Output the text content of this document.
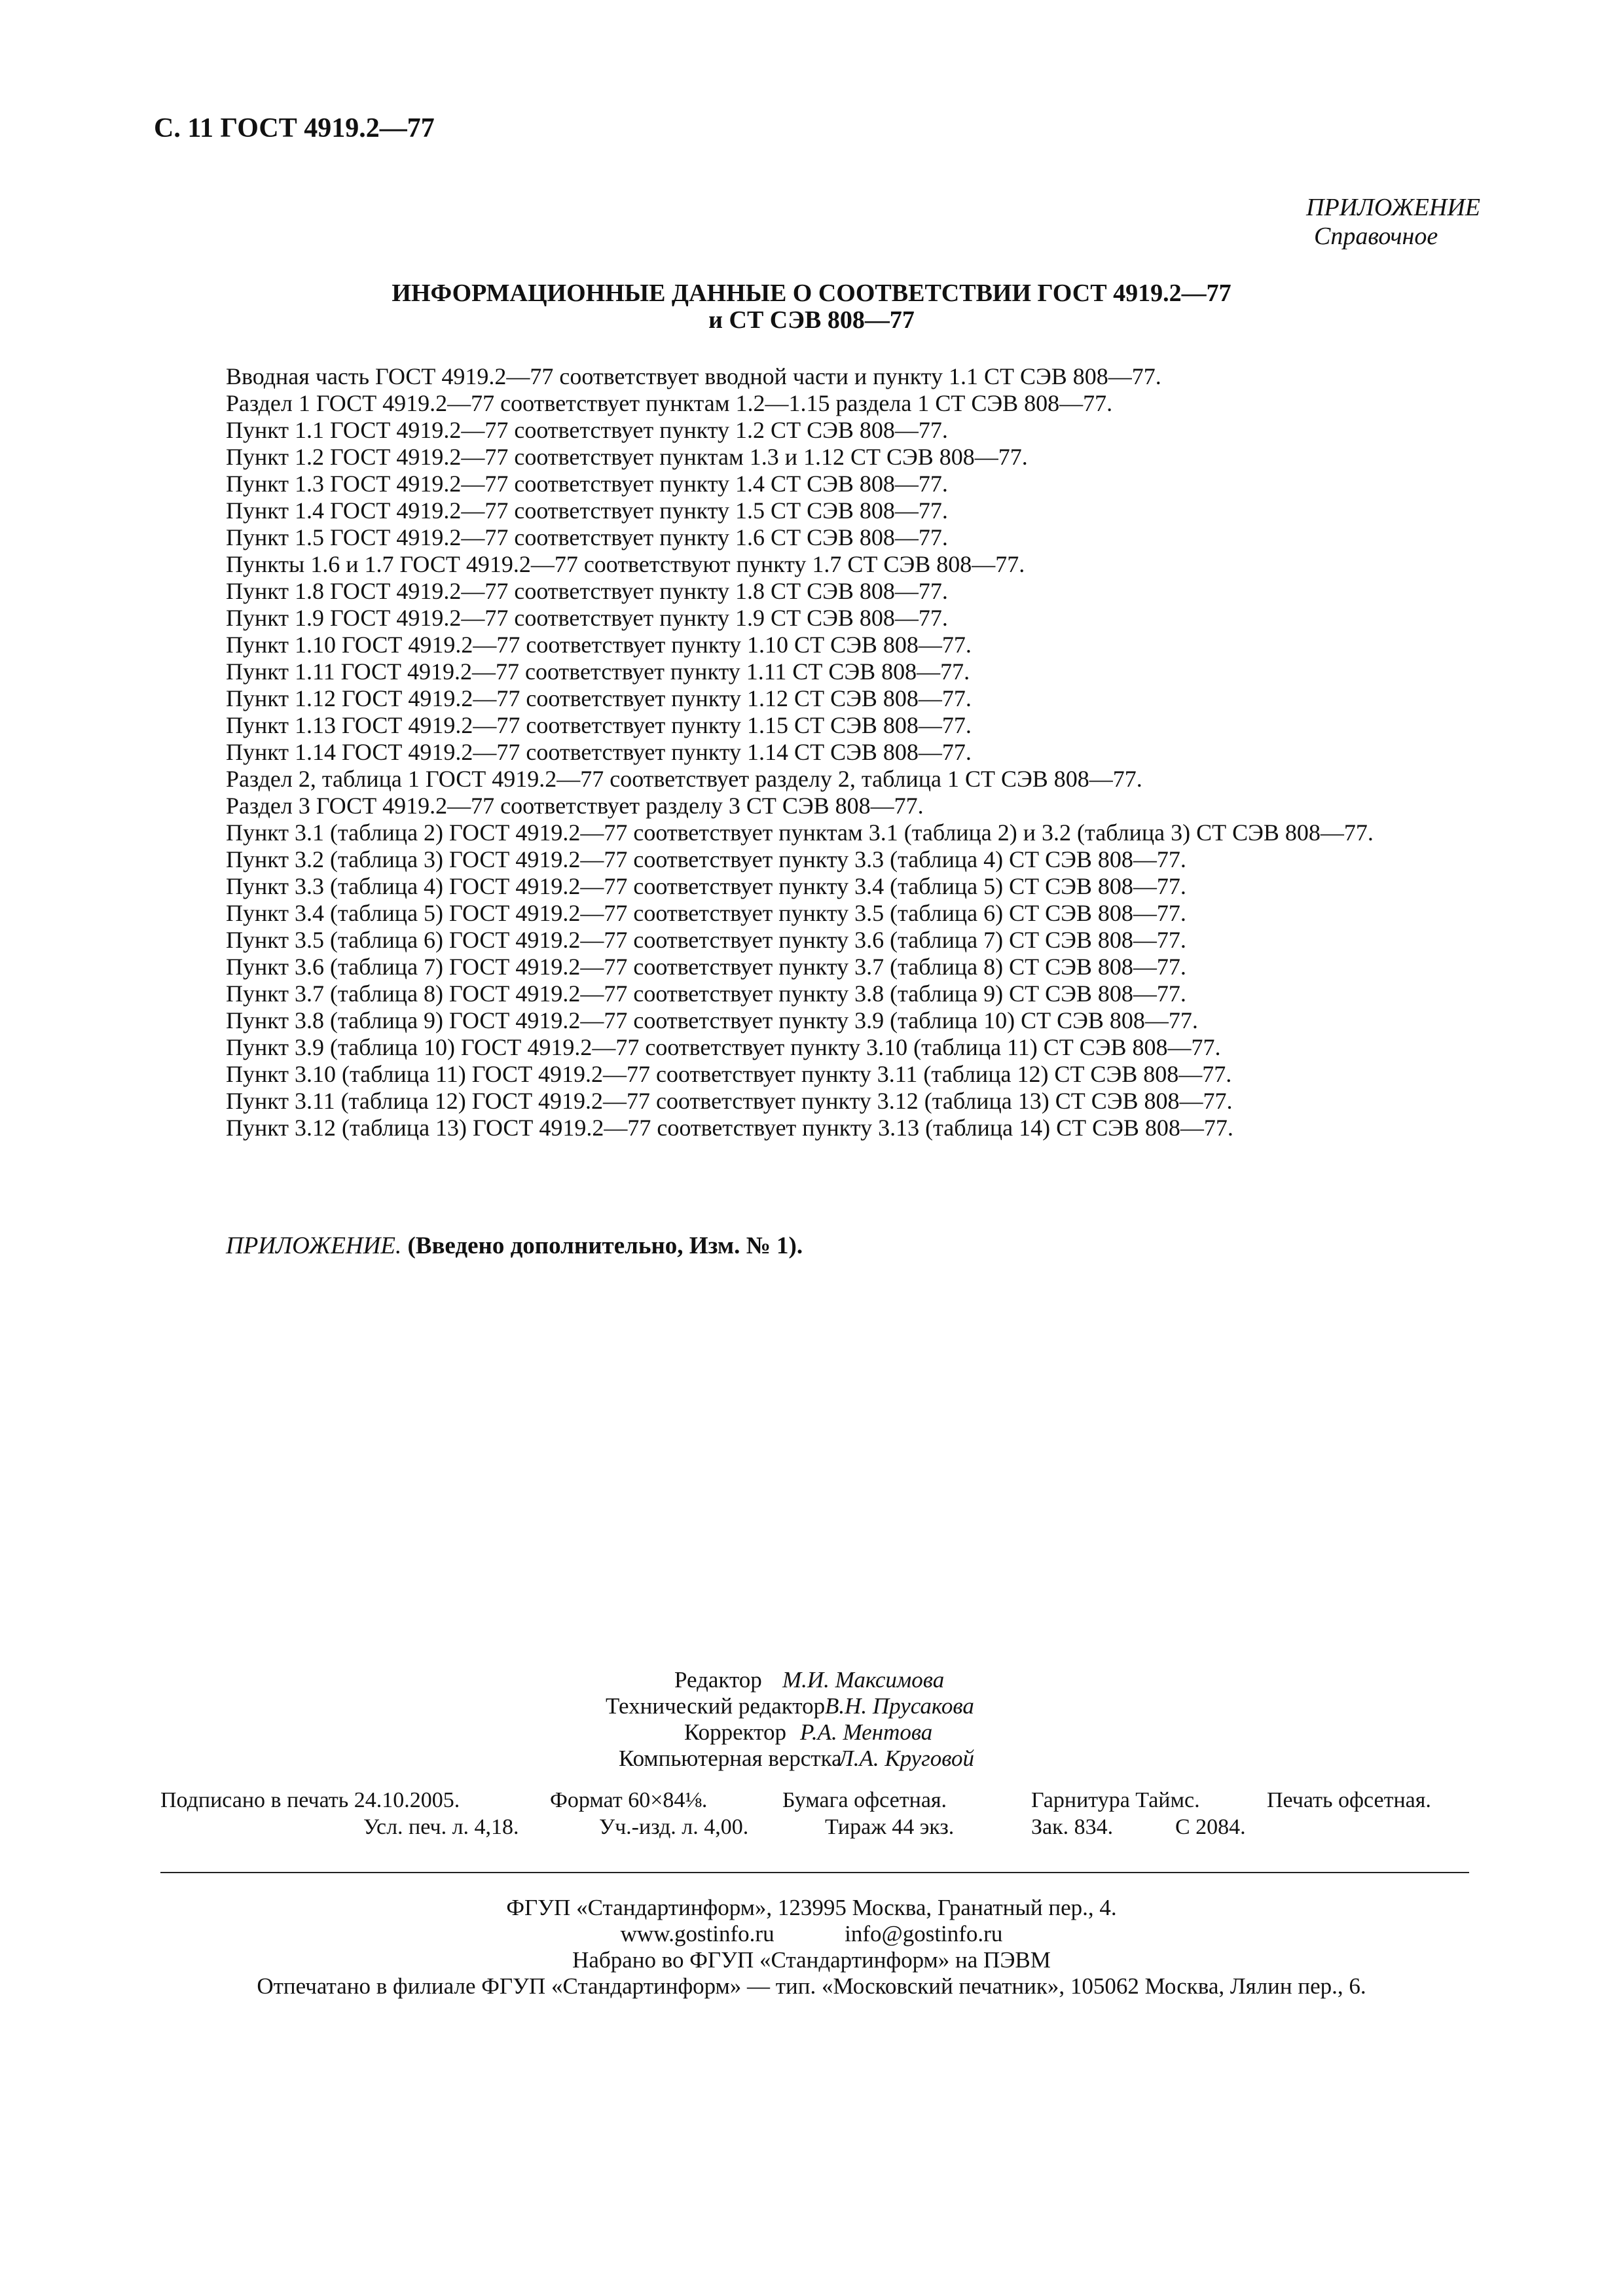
С. 11 ГОСТ 4919.2—77
ПРИЛОЖЕНИЕ

Справочное
ИНФОРМАЦИОННЫЕ ДАННЫЕ О СООТВЕТСТВИИ ГОСТ 4919.2—77
и СТ СЭВ 808—77

Вводная часть ГОСТ 4919.2—77 соответствует вводной части и пункту 1.1 СТ СЭВ 808—77.

Раздел 1 ГОСТ 4919.2—77 соответствует пунктам 1.2—1.15 раздела 1 СТ СЭВ 808—77.

Пункт 1.1 ГОСТ 4919.2—77 соответствует пункту 1.2 СТ СЭВ 808—77.

Пункт 1.2 ГОСТ 4919.2—77 соответствует пунктам 1.3 и 1.12 СТ СЭВ 808—77.

Пункт 1.3 ГОСТ 4919.2—77 соответствует пункту 1.4 СТ СЭВ 808—77.

Пункт 1.4 ГОСТ 4919.2—77 соответствует пункту 1.5 СТ СЭВ 808—77.

Пункт 1.5 ГОСТ 4919.2—77 соответствует пункту 1.6 СТ СЭВ 808—77.

Пункты 1.6 и 1.7 ГОСТ 4919.2—77 соответствуют пункту 1.7 СТ СЭВ 808—77.

Пункт 1.8 ГОСТ 4919.2—77 соответствует пункту 1.8 СТ СЭВ 808—77.

Пункт 1.9 ГОСТ 4919.2—77 соответствует пункту 1.9 СТ СЭВ 808—77.

Пункт 1.10 ГОСТ 4919.2—77 соответствует пункту 1.10 СТ СЭВ 808—77.

Пункт 1.11 ГОСТ 4919.2—77 соответствует пункту 1.11 СТ СЭВ 808—77.

Пункт 1.12 ГОСТ 4919.2—77 соответствует пункту 1.12 СТ СЭВ 808—77.

Пункт 1.13 ГОСТ 4919.2—77 соответствует пункту 1.15 СТ СЭВ 808—77.

Пункт 1.14 ГОСТ 4919.2—77 соответствует пункту 1.14 СТ СЭВ 808—77.

Раздел 2, таблица 1 ГОСТ 4919.2—77 соответствует разделу 2, таблица 1 СТ СЭВ 808—77.

Раздел 3 ГОСТ 4919.2—77 соответствует разделу 3 СТ СЭВ 808—77.

Пункт 3.1 (таблица 2) ГОСТ 4919.2—77 соответствует пунктам 3.1 (таблица 2) и 3.2 (таблица 3) СТ СЭВ 808—77.

Пункт 3.2 (таблица 3) ГОСТ 4919.2—77 соответствует пункту 3.3 (таблица 4) СТ СЭВ 808—77.

Пункт 3.3 (таблица 4) ГОСТ 4919.2—77 соответствует пункту 3.4 (таблица 5) СТ СЭВ 808—77.

Пункт 3.4 (таблица 5) ГОСТ 4919.2—77 соответствует пункту 3.5 (таблица 6) СТ СЭВ 808—77.

Пункт 3.5 (таблица 6) ГОСТ 4919.2—77 соответствует пункту 3.6 (таблица 7) СТ СЭВ 808—77.

Пункт 3.6 (таблица 7) ГОСТ 4919.2—77 соответствует пункту 3.7 (таблица 8) СТ СЭВ 808—77.

Пункт 3.7 (таблица 8) ГОСТ 4919.2—77 соответствует пункту 3.8 (таблица 9) СТ СЭВ 808—77.

Пункт 3.8 (таблица 9) ГОСТ 4919.2—77 соответствует пункту 3.9 (таблица 10) СТ СЭВ 808—77.

Пункт 3.9 (таблица 10) ГОСТ 4919.2—77 соответствует пункту 3.10 (таблица 11) СТ СЭВ 808—77.

Пункт 3.10 (таблица 11) ГОСТ 4919.2—77 соответствует пункту 3.11 (таблица 12) СТ СЭВ 808—77.

Пункт 3.11 (таблица 12) ГОСТ 4919.2—77 соответствует пункту 3.12 (таблица 13) СТ СЭВ 808—77.

Пункт 3.12 (таблица 13) ГОСТ 4919.2—77 соответствует пункту 3.13 (таблица 14) СТ СЭВ 808—77.

ПРИЛОЖЕНИЕ. (Введено дополнительно, Изм. № 1).
Редактор М.И. Максимова
Технический редактор В.Н. Прусакова
Корректор Р.А. Ментова
Компьютерная верстка
Л.А. Круговой
Подписано в печать 24.10.2005.	Формат 60×84⅛.	Бумага офсетная.	Гарнитура Таймс.	Печать офсетная.
Усл. печ. л. 4,18.	Уч.-изд. л. 4,00.	Тираж 44 экз.	Зак. 834.	С 2084.
ФГУП «Стандартинформ», 123995 Москва, Гранатный пер., 4.
www.gostinfo.ru	info@gostinfo.ru
Набрано во ФГУП «Стандартинформ» на ПЭВМ
Отпечатано в филиале ФГУП «Стандартинформ» — тип. «Московский печатник», 105062 Москва, Лялин пер., 6.
